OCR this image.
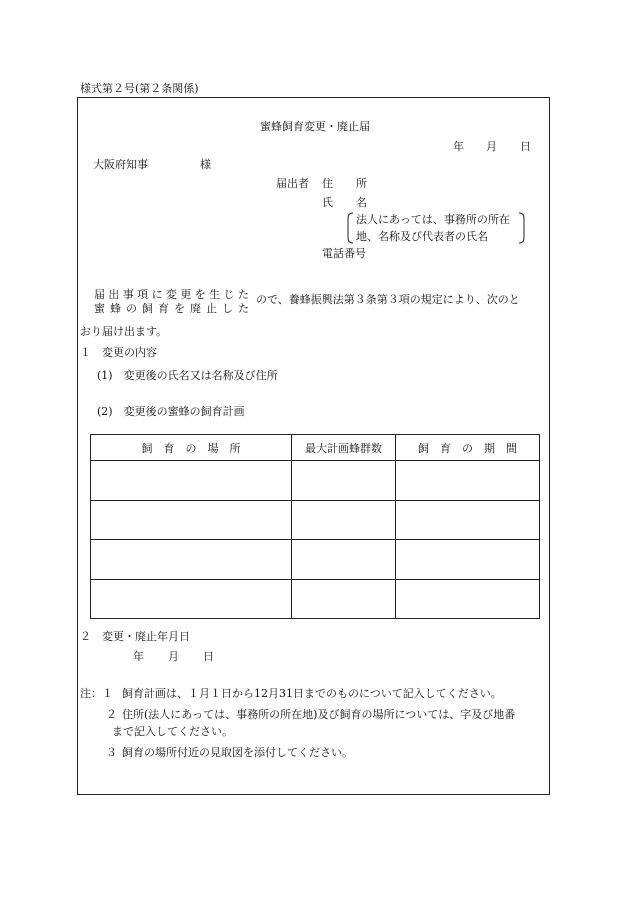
様式第２号(第２条関係)
蜜蜂飼育変更・廃止届
年 月 日
大阪府知事	様
届出者 住 所
氏 名
法人にあっては、事務所の所在
地、名称及び代表者の氏名
電話番号
届 出 事 項 に 変 更 を 生 じ た
蜜 蜂 の 飼 育 を 廃 止 し た
ので、養蜂振興法第３条第３項の規定により、次のと
おり届け出ます。
１　変更の内容
(1)　変更後の氏名又は名称及び住所
(2)　変更後の蜜蜂の飼育計画
飼　育　の　場　所	最大計画蜂群数	飼　育　の　期　間

２　変更・廃止年月日
年 月 日
注：１ 飼育計画は、１月１日から12月31日までのものについて記入してください。
２ 住所(法人にあっては、事務所の所在地)及び飼育の場所については、字及び地番
まで記入してください。
３ 飼育の場所付近の見取図を添付してください。
